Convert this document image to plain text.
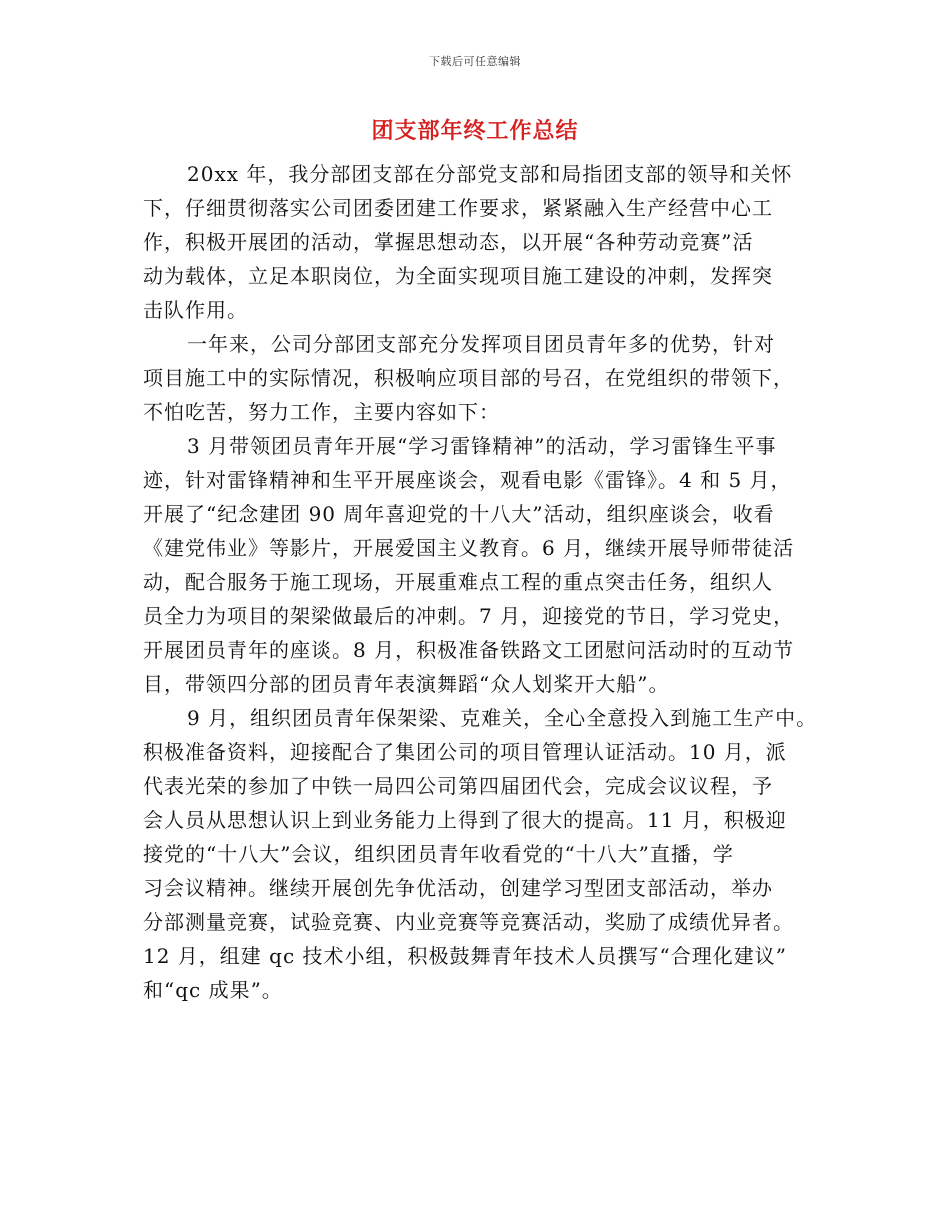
下载后可任意编辑
团支部年终工作总结

20xx 年，我分部团支部在分部党支部和局指团支部的领导和关怀
下，仔细贯彻落实公司团委团建工作要求，紧紧融入生产经营中心工
作，积极开展团的活动，掌握思想动态，以开展“各种劳动竞赛”活
动为载体，立足本职岗位，为全面实现项目施工建设的冲刺，发挥突
击队作用。

一年来，公司分部团支部充分发挥项目团员青年多的优势，针对
项目施工中的实际情况，积极响应项目部的号召，在党组织的带领下，
不怕吃苦，努力工作，主要内容如下：

3 月带领团员青年开展“学习雷锋精神”的活动，学习雷锋生平事
迹，针对雷锋精神和生平开展座谈会，观看电影《雷锋》。4 和 5 月，
开展了“纪念建团 90 周年喜迎党的十八大”活动，组织座谈会，收看
《建党伟业》等影片，开展爱国主义教育。6 月，继续开展导师带徒活
动，配合服务于施工现场，开展重难点工程的重点突击任务，组织人
员全力为项目的架梁做最后的冲刺。7 月，迎接党的节日，学习党史，
开展团员青年的座谈。8 月，积极准备铁路文工团慰问活动时的互动节
目，带领四分部的团员青年表演舞蹈“众人划桨开大船”。

9 月，组织团员青年保架梁、克难关，全心全意投入到施工生产中。
积极准备资料，迎接配合了集团公司的项目管理认证活动。10 月，派
代表光荣的参加了中铁一局四公司第四届团代会，完成会议议程，予
会人员从思想认识上到业务能力上得到了很大的提高。11 月，积极迎
接党的“十八大”会议，组织团员青年收看党的“十八大”直播，学
习会议精神。继续开展创先争优活动，创建学习型团支部活动，举办
分部测量竞赛，试验竞赛、内业竞赛等竞赛活动，奖励了成绩优异者。
12 月，组建 qc 技术小组，积极鼓舞青年技术人员撰写“合理化建议”
和“qc 成果”。
